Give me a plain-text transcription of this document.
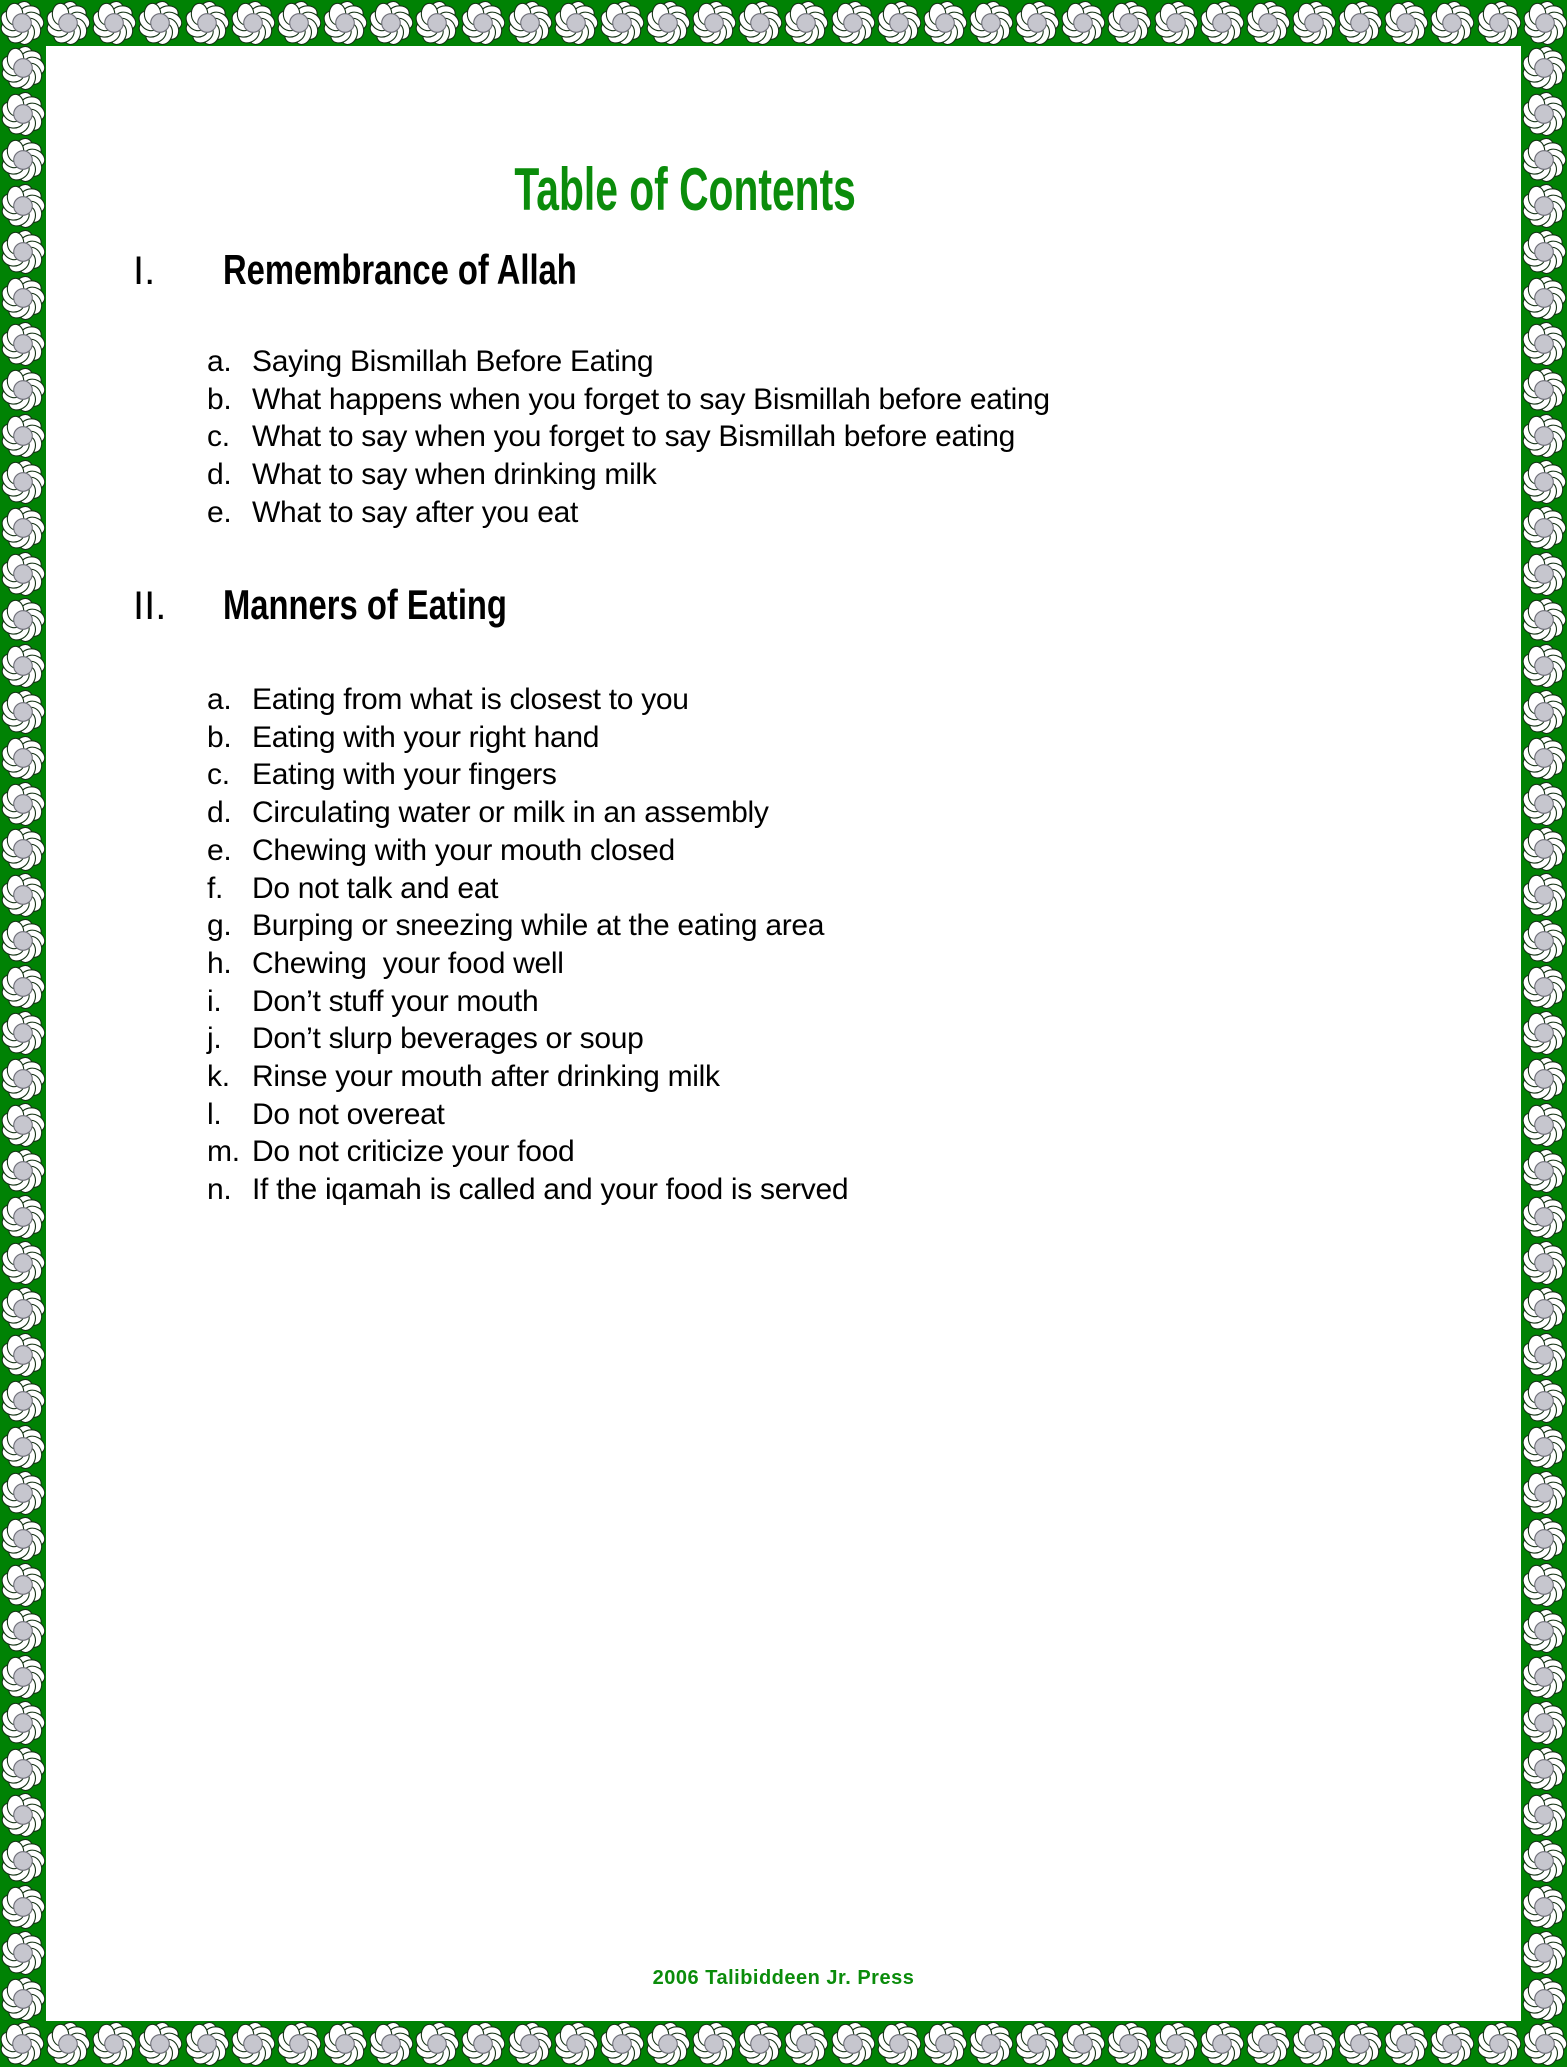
Table of Contents
I.	Remembrance of Allah
a. Saying Bismillah Before Eating
b. What happens when you forget to say Bismillah before eating
c. What to say when you forget to say Bismillah before eating
d. What to say when drinking milk
e. What to say after you eat
II.	Manners of Eating
a. Eating from what is closest to you
b. Eating with your right hand
c. Eating with your fingers
d. Circulating water or milk in an assembly
e. Chewing with your mouth closed
f. Do not talk and eat
g. Burping or sneezing while at the eating area
h. Chewing  your food well
i.	Don’t stuff your mouth
j.	Don’t slurp beverages or soup
k. Rinse your mouth after drinking milk
l.	Do not overeat
m. Do not criticize your food
n. If the iqamah is called and your food is served
2006 Talibiddeen Jr. Press
